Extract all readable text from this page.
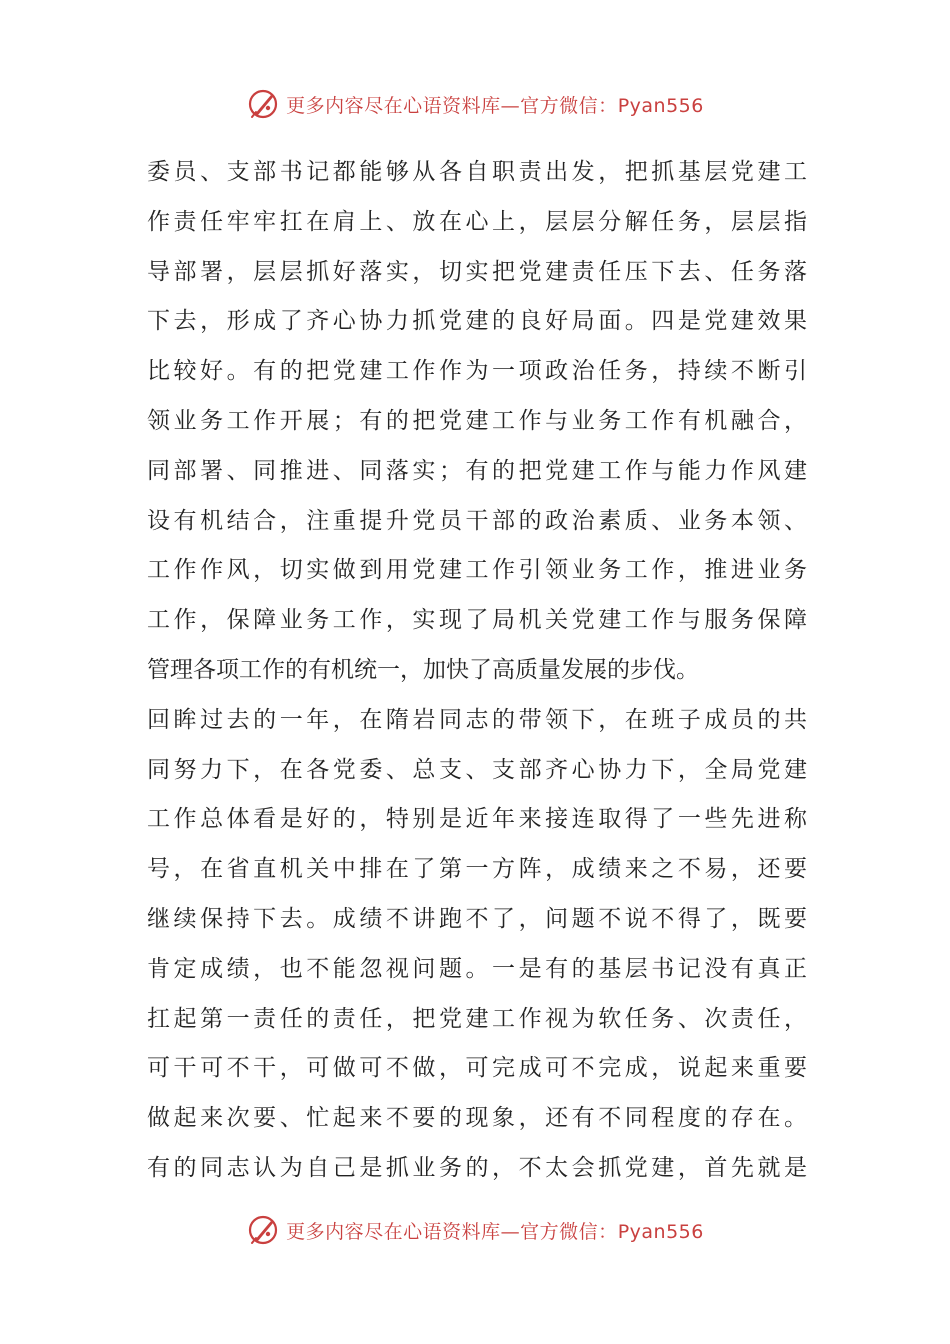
更多内容尽在心语资料库—官方微信：Pyan556
委员、支部书记都能够从各自职责出发，把抓基层党建工
作责任牢牢扛在肩上、放在心上，层层分解任务，层层指
导部署，层层抓好落实，切实把党建责任压下去、任务落
下去，形成了齐心协力抓党建的良好局面。四是党建效果
比较好。有的把党建工作作为一项政治任务，持续不断引
领业务工作开展；有的把党建工作与业务工作有机融合，
同部署、同推进、同落实；有的把党建工作与能力作风建
设有机结合，注重提升党员干部的政治素质、业务本领、
工作作风，切实做到用党建工作引领业务工作，推进业务
工作，保障业务工作，实现了局机关党建工作与服务保障
管理各项工作的有机统一，加快了高质量发展的步伐。
回眸过去的一年，在隋岩同志的带领下，在班子成员的共
同努力下，在各党委、总支、支部齐心协力下，全局党建
工作总体看是好的，特别是近年来接连取得了一些先进称
号，在省直机关中排在了第一方阵，成绩来之不易，还要
继续保持下去。成绩不讲跑不了，问题不说不得了，既要
肯定成绩，也不能忽视问题。一是有的基层书记没有真正
扛起第一责任的责任，把党建工作视为软任务、次责任，
可干可不干，可做可不做，可完成可不完成，说起来重要
做起来次要、忙起来不要的现象，还有不同程度的存在。
有的同志认为自己是抓业务的，不太会抓党建，首先就是
更多内容尽在心语资料库—官方微信：Pyan556
